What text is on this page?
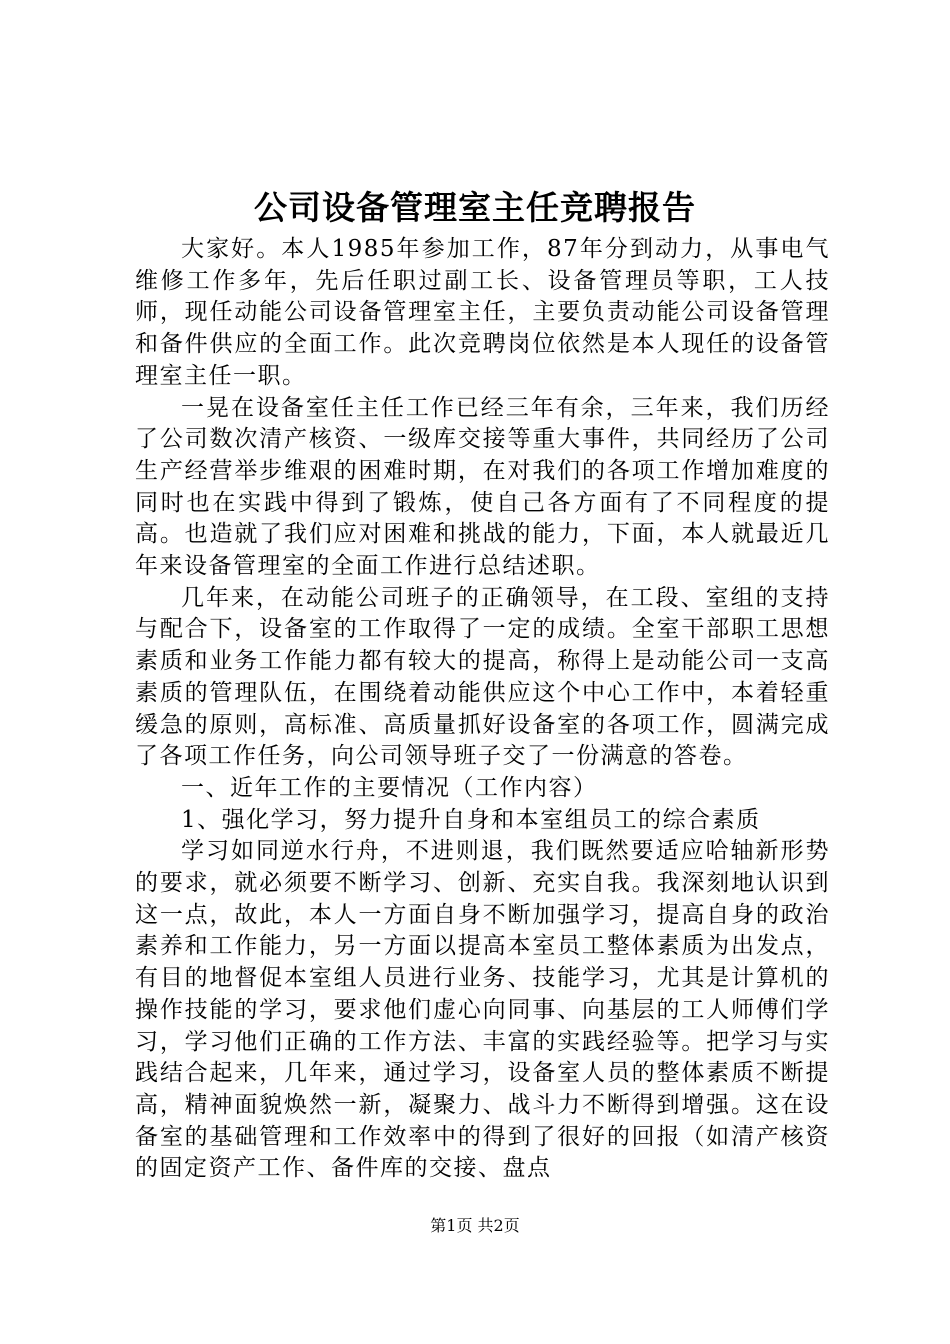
公司设备管理室主任竞聘报告

大家好。本人1985年参加工作，87年分到动力，从事电气维修工作多年，先后任职过副工长、设备管理员等职，工人技师，现任动能公司设备管理室主任，主要负责动能公司设备管理和备件供应的全面工作。此次竞聘岗位依然是本人现任的设备管理室主任一职。

一晃在设备室任主任工作已经三年有余，三年来，我们历经了公司数次清产核资、一级库交接等重大事件，共同经历了公司生产经营举步维艰的困难时期，在对我们的各项工作增加难度的同时也在实践中得到了锻炼，使自己各方面有了不同程度的提高。也造就了我们应对困难和挑战的能力，下面，本人就最近几年来设备管理室的全面工作进行总结述职。

几年来，在动能公司班子的正确领导，在工段、室组的支持与配合下，设备室的工作取得了一定的成绩。全室干部职工思想素质和业务工作能力都有较大的提高，称得上是动能公司一支高素质的管理队伍，在围绕着动能供应这个中心工作中，本着轻重缓急的原则，高标准、高质量抓好设备室的各项工作，圆满完成了各项工作任务，向公司领导班子交了一份满意的答卷。

一、近年工作的主要情况（工作内容）

1、强化学习，努力提升自身和本室组员工的综合素质

学习如同逆水行舟，不进则退，我们既然要适应哈轴新形势的要求，就必须要不断学习、创新、充实自我。我深刻地认识到这一点，故此，本人一方面自身不断加强学习，提高自身的政治素养和工作能力，另一方面以提高本室员工整体素质为出发点，有目的地督促本室组人员进行业务、技能学习，尤其是计算机的操作技能的学习，要求他们虚心向同事、向基层的工人师傅们学习，学习他们正确的工作方法、丰富的实践经验等。把学习与实践结合起来，几年来，通过学习，设备室人员的整体素质不断提高，精神面貌焕然一新，凝聚力、战斗力不断得到增强。这在设备室的基础管理和工作效率中的得到了很好的回报（如清产核资的固定资产工作、备件库的交接、盘点

第1页 共2页
